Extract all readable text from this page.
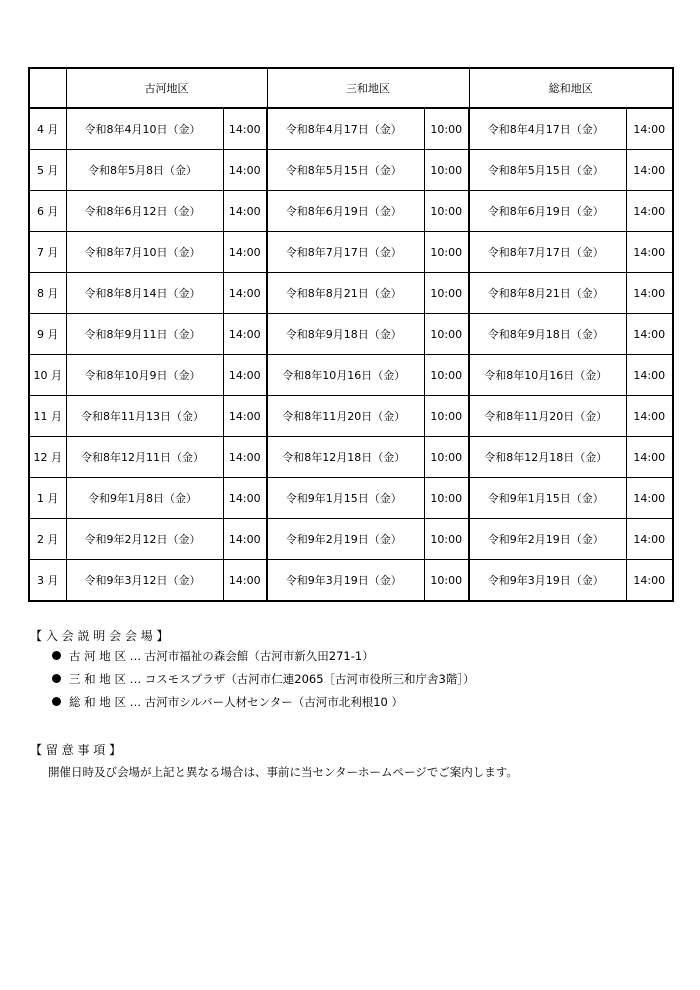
	古河地区		三和地区		総和地区	
4 月	令和8年4月10日（金）	14:00	令和8年4月17日（金）	10:00	令和8年4月17日（金）	14:00
5 月	令和8年5月8日（金）	14:00	令和8年5月15日（金）	10:00	令和8年5月15日（金）	14:00
6 月	令和8年6月12日（金）	14:00	令和8年6月19日（金）	10:00	令和8年6月19日（金）	14:00
7 月	令和8年7月10日（金）	14:00	令和8年7月17日（金）	10:00	令和8年7月17日（金）	14:00
8 月	令和8年8月14日（金）	14:00	令和8年8月21日（金）	10:00	令和8年8月21日（金）	14:00
9 月	令和8年9月11日（金）	14:00	令和8年9月18日（金）	10:00	令和8年9月18日（金）	14:00
10 月	令和8年10月9日（金）	14:00	令和8年10月16日（金）	10:00	令和8年10月16日（金）	14:00
11 月	令和8年11月13日（金）	14:00	令和8年11月20日（金）	10:00	令和8年11月20日（金）	14:00
12 月	令和8年12月11日（金）	14:00	令和8年12月18日（金）	10:00	令和8年12月18日（金）	14:00
1 月	令和9年1月8日（金）	14:00	令和9年1月15日（金）	10:00	令和9年1月15日（金）	14:00
2 月	令和9年2月12日（金）	14:00	令和9年2月19日（金）	10:00	令和9年2月19日（金）	14:00
3 月	令和9年3月12日（金）	14:00	令和9年3月19日（金）	10:00	令和9年3月19日（金）	14:00
【 入 会 説 明 会 会 場 】
古 河 地 区 … 古河市福祉の森会館（古河市新久田271-1）
三 和 地 区 … コスモスプラザ（古河市仁連2065［古河市役所三和庁舎3階］）
総 和 地 区 … 古河市シルバー人材センター（古河市北利根10 ）
【 留 意 事 項 】
開催日時及び会場が上記と異なる場合は、事前に当センターホームページでご案内します。
